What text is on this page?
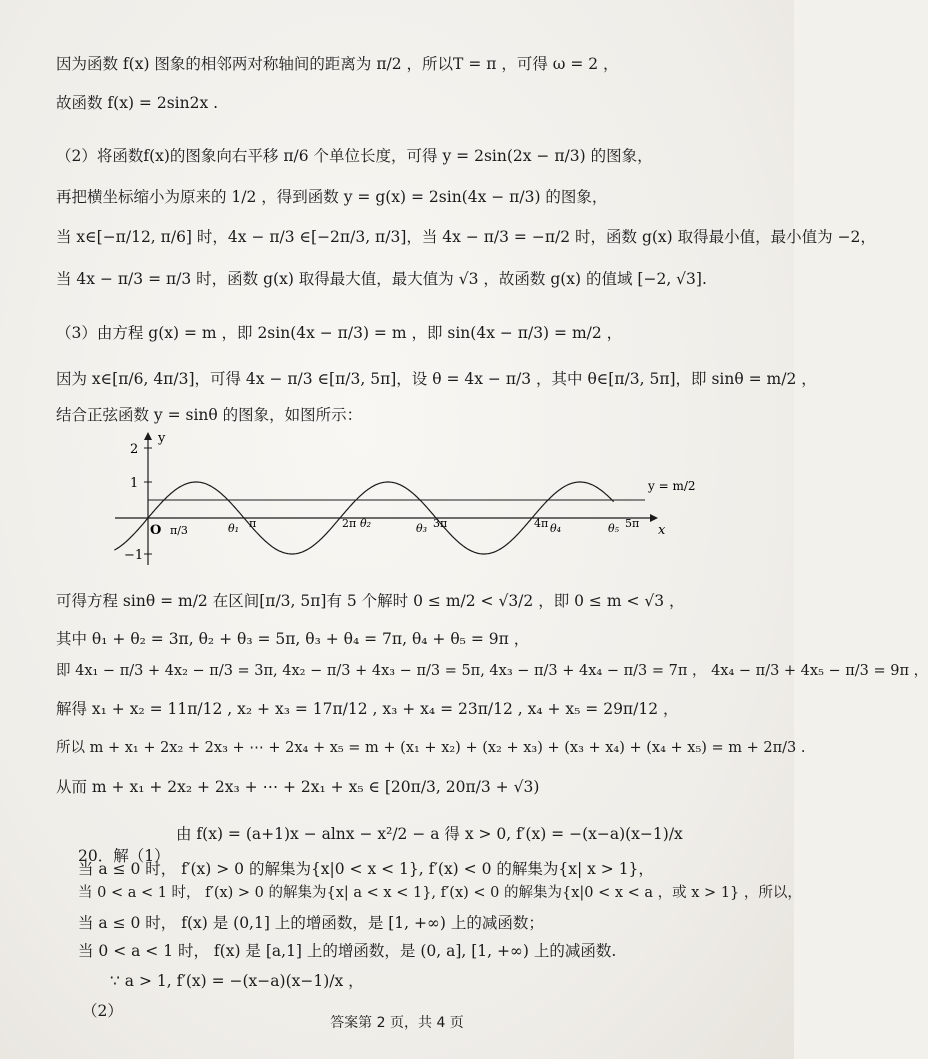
因为函数 f(x) 图象的相邻两对称轴间的距离为 π/2 ，所以T = π ，可得 ω = 2 ，
故函数 f(x) = 2sin2x .
（2）将函数f(x)的图象向右平移 π/6 个单位长度，可得 y = 2sin(2x − π/3) 的图象，
再把横坐标缩小为原来的 1/2 ，得到函数 y = g(x) = 2sin(4x − π/3) 的图象，
当 x∈[−π/12, π/6] 时，4x − π/3 ∈[−2π/3, π/3]，当 4x − π/3 = −π/2 时，函数 g(x) 取得最小值，最小值为 −2，
当 4x − π/3 = π/3 时，函数 g(x) 取得最大值，最大值为 √3 ，故函数 g(x) 的值域 [−2, √3].
（3）由方程 g(x) = m ，即 2sin(4x − π/3) = m ，即 sin(4x − π/3) = m/2 ，
因为 x∈[π/6, 4π/3]，可得 4x − π/3 ∈[π/3, 5π]，设 θ = 4x − π/3 ，其中 θ∈[π/3, 5π]，即 sinθ = m/2 ，
结合正弦函数 y = sinθ 的图象，如图所示：
y
x
2
1
−1
O π/3	θ₁ π	2π θ₂	θ₃ 3π	4π θ₄	θ₅ 5π
y = m/2
可得方程 sinθ = m/2 在区间[π/3, 5π]有 5 个解时 0 ≤ m/2 < √3/2 ，即 0 ≤ m < √3 ，
其中 θ₁ + θ₂ = 3π, θ₂ + θ₃ = 5π, θ₃ + θ₄ = 7π, θ₄ + θ₅ = 9π ，
即 4x₁ − π/3 + 4x₂ − π/3 = 3π, 4x₂ − π/3 + 4x₃ − π/3 = 5π, 4x₃ − π/3 + 4x₄ − π/3 = 7π ， 4x₄ − π/3 + 4x₅ − π/3 = 9π ，
解得 x₁ + x₂ = 11π/12 , x₂ + x₃ = 17π/12 , x₃ + x₄ = 23π/12 , x₄ + x₅ = 29π/12 ，
所以 m + x₁ + 2x₂ + 2x₃ + ⋯ + 2x₄ + x₅ = m + (x₁ + x₂) + (x₂ + x₃) + (x₃ + x₄) + (x₄ + x₅) = m + 2π/3 .
从而 m + x₁ + 2x₂ + 2x₃ + ⋯ + 2x₁ + x₅ ∈ [20π/3, 20π/3 + √3)
由 f(x) = (a+1)x − alnx − x²/2 − a 得 x > 0, f′(x) = −(x−a)(x−1)/x
20．解（1）
当 a ≤ 0 时， f′(x) > 0 的解集为{x|0 < x < 1}, f′(x) < 0 的解集为{x| x > 1}，
当 0 < a < 1 时， f′(x) > 0 的解集为{x| a < x < 1}, f′(x) < 0 的解集为{x|0 < x < a ，或 x > 1} ，所以，
当 a ≤ 0 时， f(x) 是 (0,1] 上的增函数，是 [1, +∞) 上的减函数；
当 0 < a < 1 时， f(x) 是 [a,1] 上的增函数，是 (0, a], [1, +∞) 上的减函数.
∵ a > 1, f′(x) = −(x−a)(x−1)/x ，
（2）
答案第 2 页，共 4 页
